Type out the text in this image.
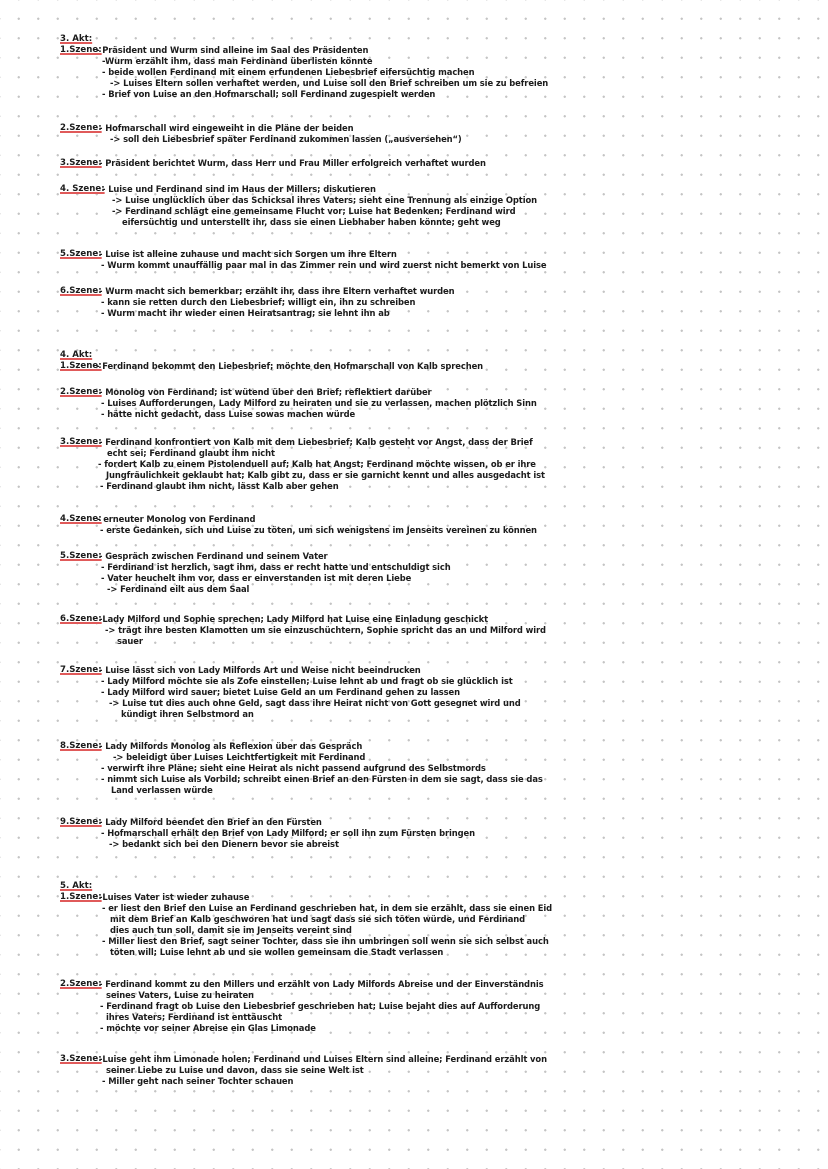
3. Akt:
1.Szene:
- Präsident und Wurm sind alleine im Saal des Präsidenten
-Wurm erzählt ihm, dass man Ferdinand überlisten könnte
- beide wollen Ferdinand mit einem erfundenen Liebesbrief eifersüchtig machen
-> Luises Eltern sollen verhaftet werden, und Luise soll den Brief schreiben um sie zu befreien
- Brief von Luise an den Hofmarschall; soll Ferdinand zugespielt werden
2.Szene:
- Hofmarschall wird eingeweiht in die Pläne der beiden
-> soll den Liebesbrief später Ferdinand zukommen lassen („ausversehen“)
3.Szene:
- Präsident berichtet Wurm, dass Herr und Frau Miller erfolgreich verhaftet wurden
4. Szene:
- Luise und Ferdinand sind im Haus der Millers; diskutieren
-> Luise unglücklich über das Schicksal ihres Vaters; sieht eine Trennung als einzige Option
-> Ferdinand schlägt eine gemeinsame Flucht vor; Luise hat Bedenken; Ferdinand wird
eifersüchtig und unterstellt ihr, dass sie einen Liebhaber haben könnte; geht weg
5.Szene:
- Luise ist alleine zuhause und macht sich Sorgen um ihre Eltern
- Wurm kommt unauffällig paar mal in das Zimmer rein und wird zuerst nicht bemerkt von Luise
6.Szene:
- Wurm macht sich bemerkbar; erzählt ihr, dass ihre Eltern verhaftet wurden
- kann sie retten durch den Liebesbrief; willigt ein, ihn zu schreiben
- Wurm macht ihr wieder einen Heiratsantrag; sie lehnt ihn ab
4. Akt:
1.Szene:
- Ferdinand bekommt den Liebesbrief; möchte den Hofmarschall von Kalb sprechen
2.Szene:
- Monolog von Ferdinand; ist wütend über den Brief; reflektiert darüber
- Luises Aufforderungen, Lady Milford zu heiraten und sie zu verlassen, machen plötzlich Sinn
- hätte nicht gedacht, dass Luise sowas machen würde
3.Szene:
- Ferdinand konfrontiert von Kalb mit dem Liebesbrief; Kalb gesteht vor Angst, dass der Brief
echt sei; Ferdinand glaubt ihm nicht
- fordert Kalb zu einem Pistolenduell auf; Kalb hat Angst; Ferdinand möchte wissen, ob er ihre
Jungfräulichkeit geklaubt hat; Kalb gibt zu, dass er sie garnicht kennt und alles ausgedacht ist
- Ferdinand glaubt ihm nicht, lässt Kalb aber gehen
4.Szene:
- erneuter Monolog von Ferdinand
- erste Gedanken, sich und Luise zu töten, um sich wenigstens im Jenseits vereinen zu können
5.Szene:
- Gespräch zwischen Ferdinand und seinem Vater
- Ferdinand ist herzlich, sagt ihm, dass er recht hatte und entschuldigt sich
- Vater heuchelt ihm vor, dass er einverstanden ist mit deren Liebe
-> Ferdinand eilt aus dem Saal
6.Szene:
-Lady Milford und Sophie sprechen; Lady Milford hat Luise eine Einladung geschickt
-> trägt ihre besten Klamotten um sie einzuschüchtern, Sophie spricht das an und Milford wird
sauer
7.Szene:
- Luise lässt sich von Lady Milfords Art und Weise nicht beeindrucken
- Lady Milford möchte sie als Zofe einstellen; Luise lehnt ab und fragt ob sie glücklich ist
- Lady Milford wird sauer; bietet Luise Geld an um Ferdinand gehen zu lassen
-> Luise tut dies auch ohne Geld, sagt dass ihre Heirat nicht von Gott gesegnet wird und
kündigt ihren Selbstmord an
8.Szene:
- Lady Milfords Monolog als Reflexion über das Gespräch
-> beleidigt über Luises Leichtfertigkeit mit Ferdinand
- verwirft ihre Pläne; sieht eine Heirat als nicht passend aufgrund des Selbstmords
- nimmt sich Luise als Vorbild; schreibt einen Brief an den Fürsten in dem sie sagt, dass sie das
Land verlassen würde
9.Szene:
- Lady Milford beendet den Brief an den Fürsten
- Hofmarschall erhält den Brief von Lady Milford; er soll ihn zum Fürsten bringen
-> bedankt sich bei den Dienern bevor sie abreist
5. Akt:
1.Szene:
-Luises Vater ist wieder zuhause
- er liest den Brief den Luise an Ferdinand geschrieben hat, in dem sie erzählt, dass sie einen Eid
mit dem Brief an Kalb geschworen hat und sagt dass sie sich töten würde, und Ferdinand
dies auch tun soll, damit sie im Jenseits vereint sind
- Miller liest den Brief, sagt seiner Tochter, dass sie ihn umbringen soll wenn sie sich selbst auch
töten will; Luise lehnt ab und sie wollen gemeinsam die Stadt verlassen
2.Szene:
- Ferdinand kommt zu den Millers und erzählt von Lady Milfords Abreise und der Einverständnis
seines Vaters, Luise zu heiraten
- Ferdinand fragt ob Luise den Liebesbrief geschrieben hat; Luise bejaht dies auf Aufforderung
ihres Vaters; Ferdinand ist enttäuscht
- möchte vor seiner Abreise ein Glas Limonade
3.Szene:
-Luise geht ihm Limonade holen; Ferdinand und Luises Eltern sind alleine; Ferdinand erzählt von
seiner Liebe zu Luise und davon, dass sie seine Welt ist
- Miller geht nach seiner Tochter schauen
